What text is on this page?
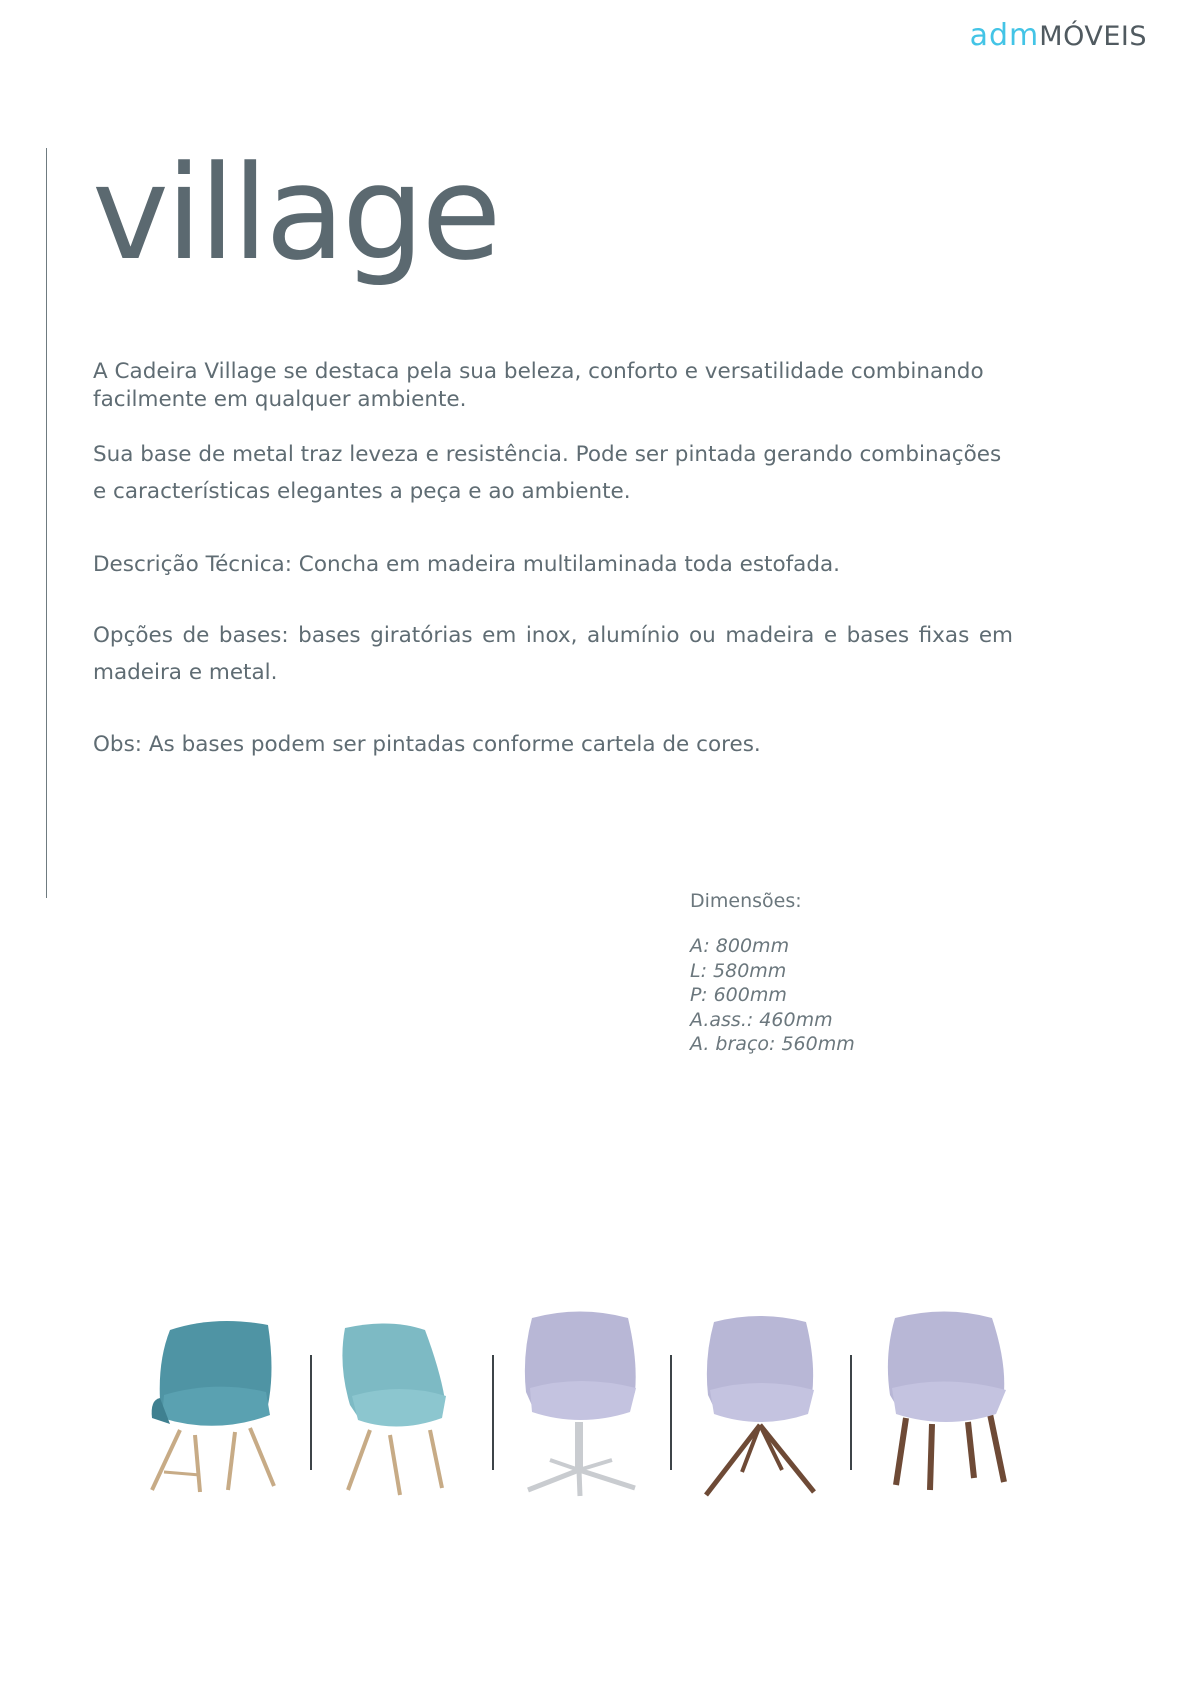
admMÓVEIS
village

A Cadeira Village se destaca pela sua beleza, conforto e versatilidade combinando facilmente em qualquer ambiente.

Sua base de metal traz leveza e resistência. Pode ser pintada gerando combinações e características elegantes a peça e ao ambiente.

Descrição Técnica: Concha em madeira multilaminada toda estofada.

Opções de bases: bases giratórias em inox, alumínio ou madeira e bases fixas em madeira e metal.

Obs: As bases podem ser pintadas conforme cartela de cores.

Dimensões:
A: 800mm
L: 580mm
P: 600mm
A.ass.: 460mm
A. braço: 560mm
